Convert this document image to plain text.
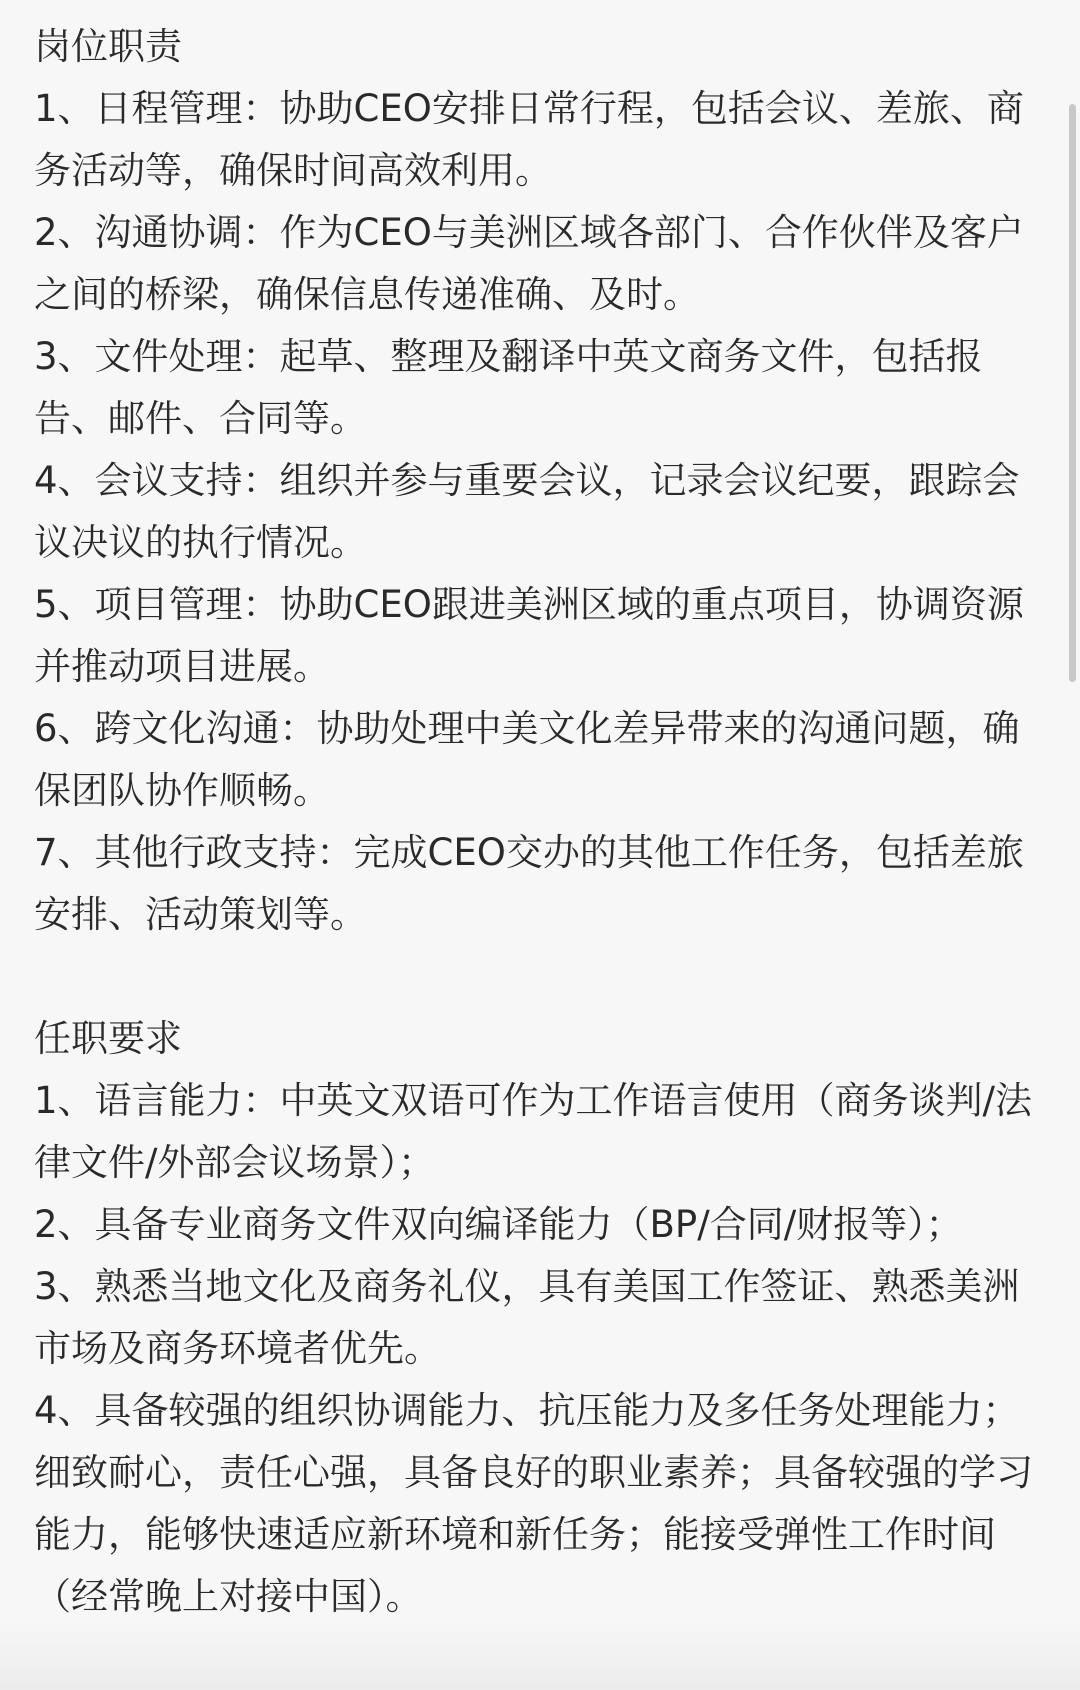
岗位职责

1、日程管理：协助CEO安排日常行程，包括会议、差旅、商务活动等，确保时间高效利用。

2、沟通协调：作为CEO与美洲区域各部门、合作伙伴及客户之间的桥梁，确保信息传递准确、及时。

3、文件处理：起草、整理及翻译中英文商务文件，包括报告、邮件、合同等。

4、会议支持：组织并参与重要会议，记录会议纪要，跟踪会议决议的执行情况。

5、项目管理：协助CEO跟进美洲区域的重点项目，协调资源并推动项目进展。

6、跨文化沟通：协助处理中美文化差异带来的沟通问题，确保团队协作顺畅。

7、其他行政支持：完成CEO交办的其他工作任务，包括差旅安排、活动策划等。

任职要求

1、语言能力：中英文双语可作为工作语言使用（商务谈判/法律文件/外部会议场景）；

2、具备专业商务文件双向编译能力（BP/合同/财报等）；

3、熟悉当地文化及商务礼仪，具有美国工作签证、熟悉美洲市场及商务环境者优先。

4、具备较强的组织协调能力、抗压能力及多任务处理能力；细致耐心，责任心强，具备良好的职业素养；具备较强的学习能力，能够快速适应新环境和新任务；能接受弹性工作时间（经常晚上对接中国）。
